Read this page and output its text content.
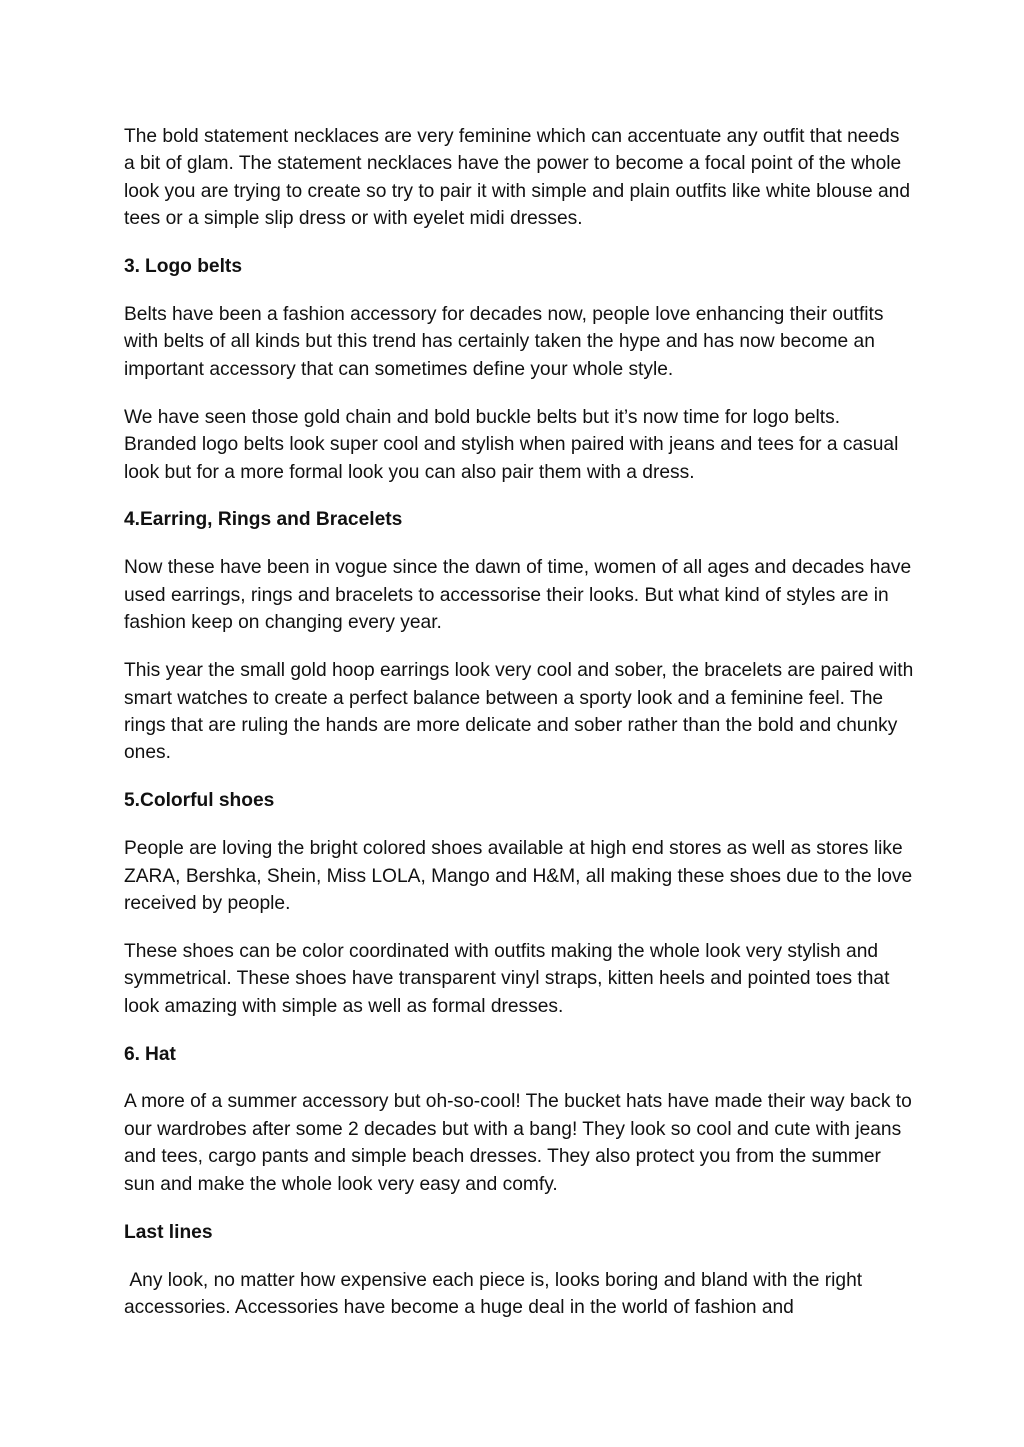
The bold statement necklaces are very feminine which can accentuate any outfit that needs a bit of glam. The statement necklaces have the power to become a focal point of the whole look you are trying to create so try to pair it with simple and plain outfits like white blouse and tees or a simple slip dress or with eyelet midi dresses.

3. Logo belts

Belts have been a fashion accessory for decades now, people love enhancing their outfits with belts of all kinds but this trend has certainly taken the hype and has now become an important accessory that can sometimes define your whole style.

We have seen those gold chain and bold buckle belts but it’s now time for logo belts. Branded logo belts look super cool and stylish when paired with jeans and tees for a casual look but for a more formal look you can also pair them with a dress.

4.Earring, Rings and Bracelets

Now these have been in vogue since the dawn of time, women of all ages and decades have used earrings, rings and bracelets to accessorise their looks. But what kind of styles are in fashion keep on changing every year.

This year the small gold hoop earrings look very cool and sober, the bracelets are paired with smart watches to create a perfect balance between a sporty look and a feminine feel. The rings that are ruling the hands are more delicate and sober rather than the bold and chunky ones.

5.Colorful shoes

People are loving the bright colored shoes available at high end stores as well as stores like ZARA, Bershka, Shein, Miss LOLA, Mango and H&M, all making these shoes due to the love received by people.

These shoes can be color coordinated with outfits making the whole look very stylish and symmetrical. These shoes have transparent vinyl straps, kitten heels and pointed toes that look amazing with simple as well as formal dresses.

6. Hat

A more of a summer accessory but oh-so-cool! The bucket hats have made their way back to our wardrobes after some 2 decades but with a bang! They look so cool and cute with jeans and tees, cargo pants and simple beach dresses. They also protect you from the summer sun and make the whole look very easy and comfy.

Last lines

Any look, no matter how expensive each piece is, looks boring and bland with the right accessories. Accessories have become a huge deal in the world of fashion and
